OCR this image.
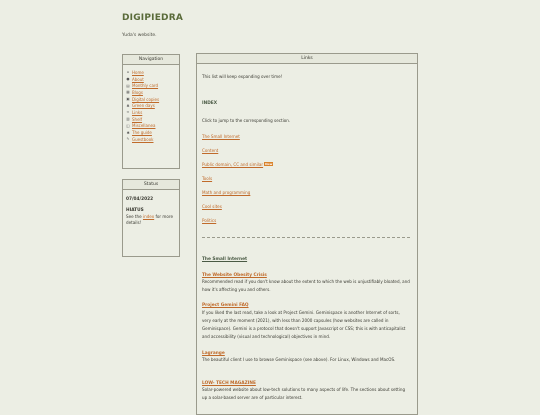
DIGIPIEDRA
Yuda's website.
Navigation
⌂ Home
● About
▤ Monthly card
▦ Blogs
▣ Digital copies
♣ Green days
∞ Links
▥ Shelf
◫ Miscellanea
✱ The guide
✎ Guestbook
Status
07/04/2022
HIATUS
See the index for more details!
Links
This list will keep expanding over time!
INDEX
Click to jump to the corresponding section.
The Small Internet
Content
Public domain, CC and similar New
Tools
Math and programming
Cool sites
Politics
The Small Internet
The Website Obesity Crisis
Recommended read if you don't know about the extent to which the web is unjustifiably bloated, and how it's affecting you and others.
Project Gemini FAQ
If you liked the last read, take a look at Project Gemini. Geminispace is another Internet of sorts, very early at the moment (2021), with less than 2000 capsules (how websites are called in Geminispace). Gemini is a protocol that doesn't support Javascript or CSS; this is with anticapitalist and accessibility (visual and technological) objectives in mind.
Lagrange
The beautiful client I use to browse Geminispace (see above). For Linux, Windows and MacOS.
LOW- TECH MAGAZINE
Solar-powered website about low-tech solutions to many aspects of life. The sections about setting up a solar-based server are of particular interest.
